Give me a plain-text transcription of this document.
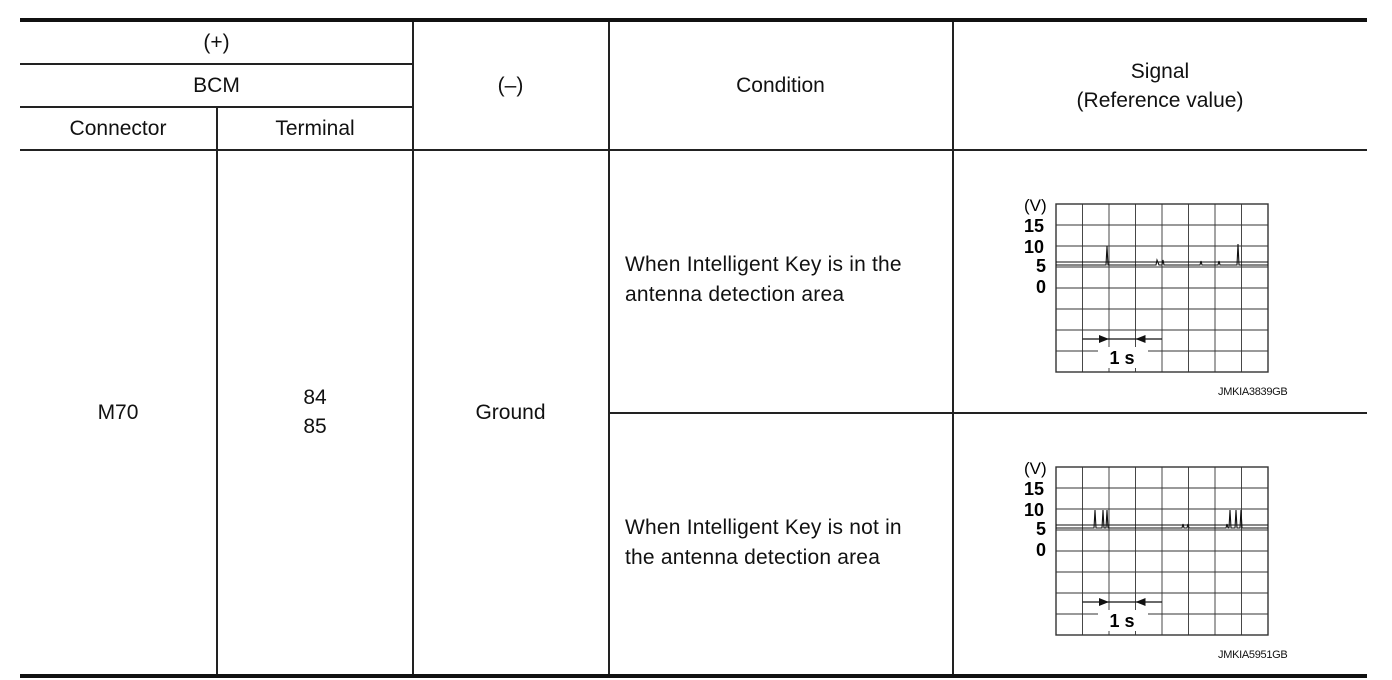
(+)
BCM
Connector	Terminal
(–)	Condition
Signal
(Reference value)
M70
84
85
Ground
When Intelligent Key is in the
antenna detection area
When Intelligent Key is not in
the antenna detection area
(V)
15
10
5
0
1 s
JMKIA3839GB
(V)
15
10
5
0
1 s
JMKIA5951GB
